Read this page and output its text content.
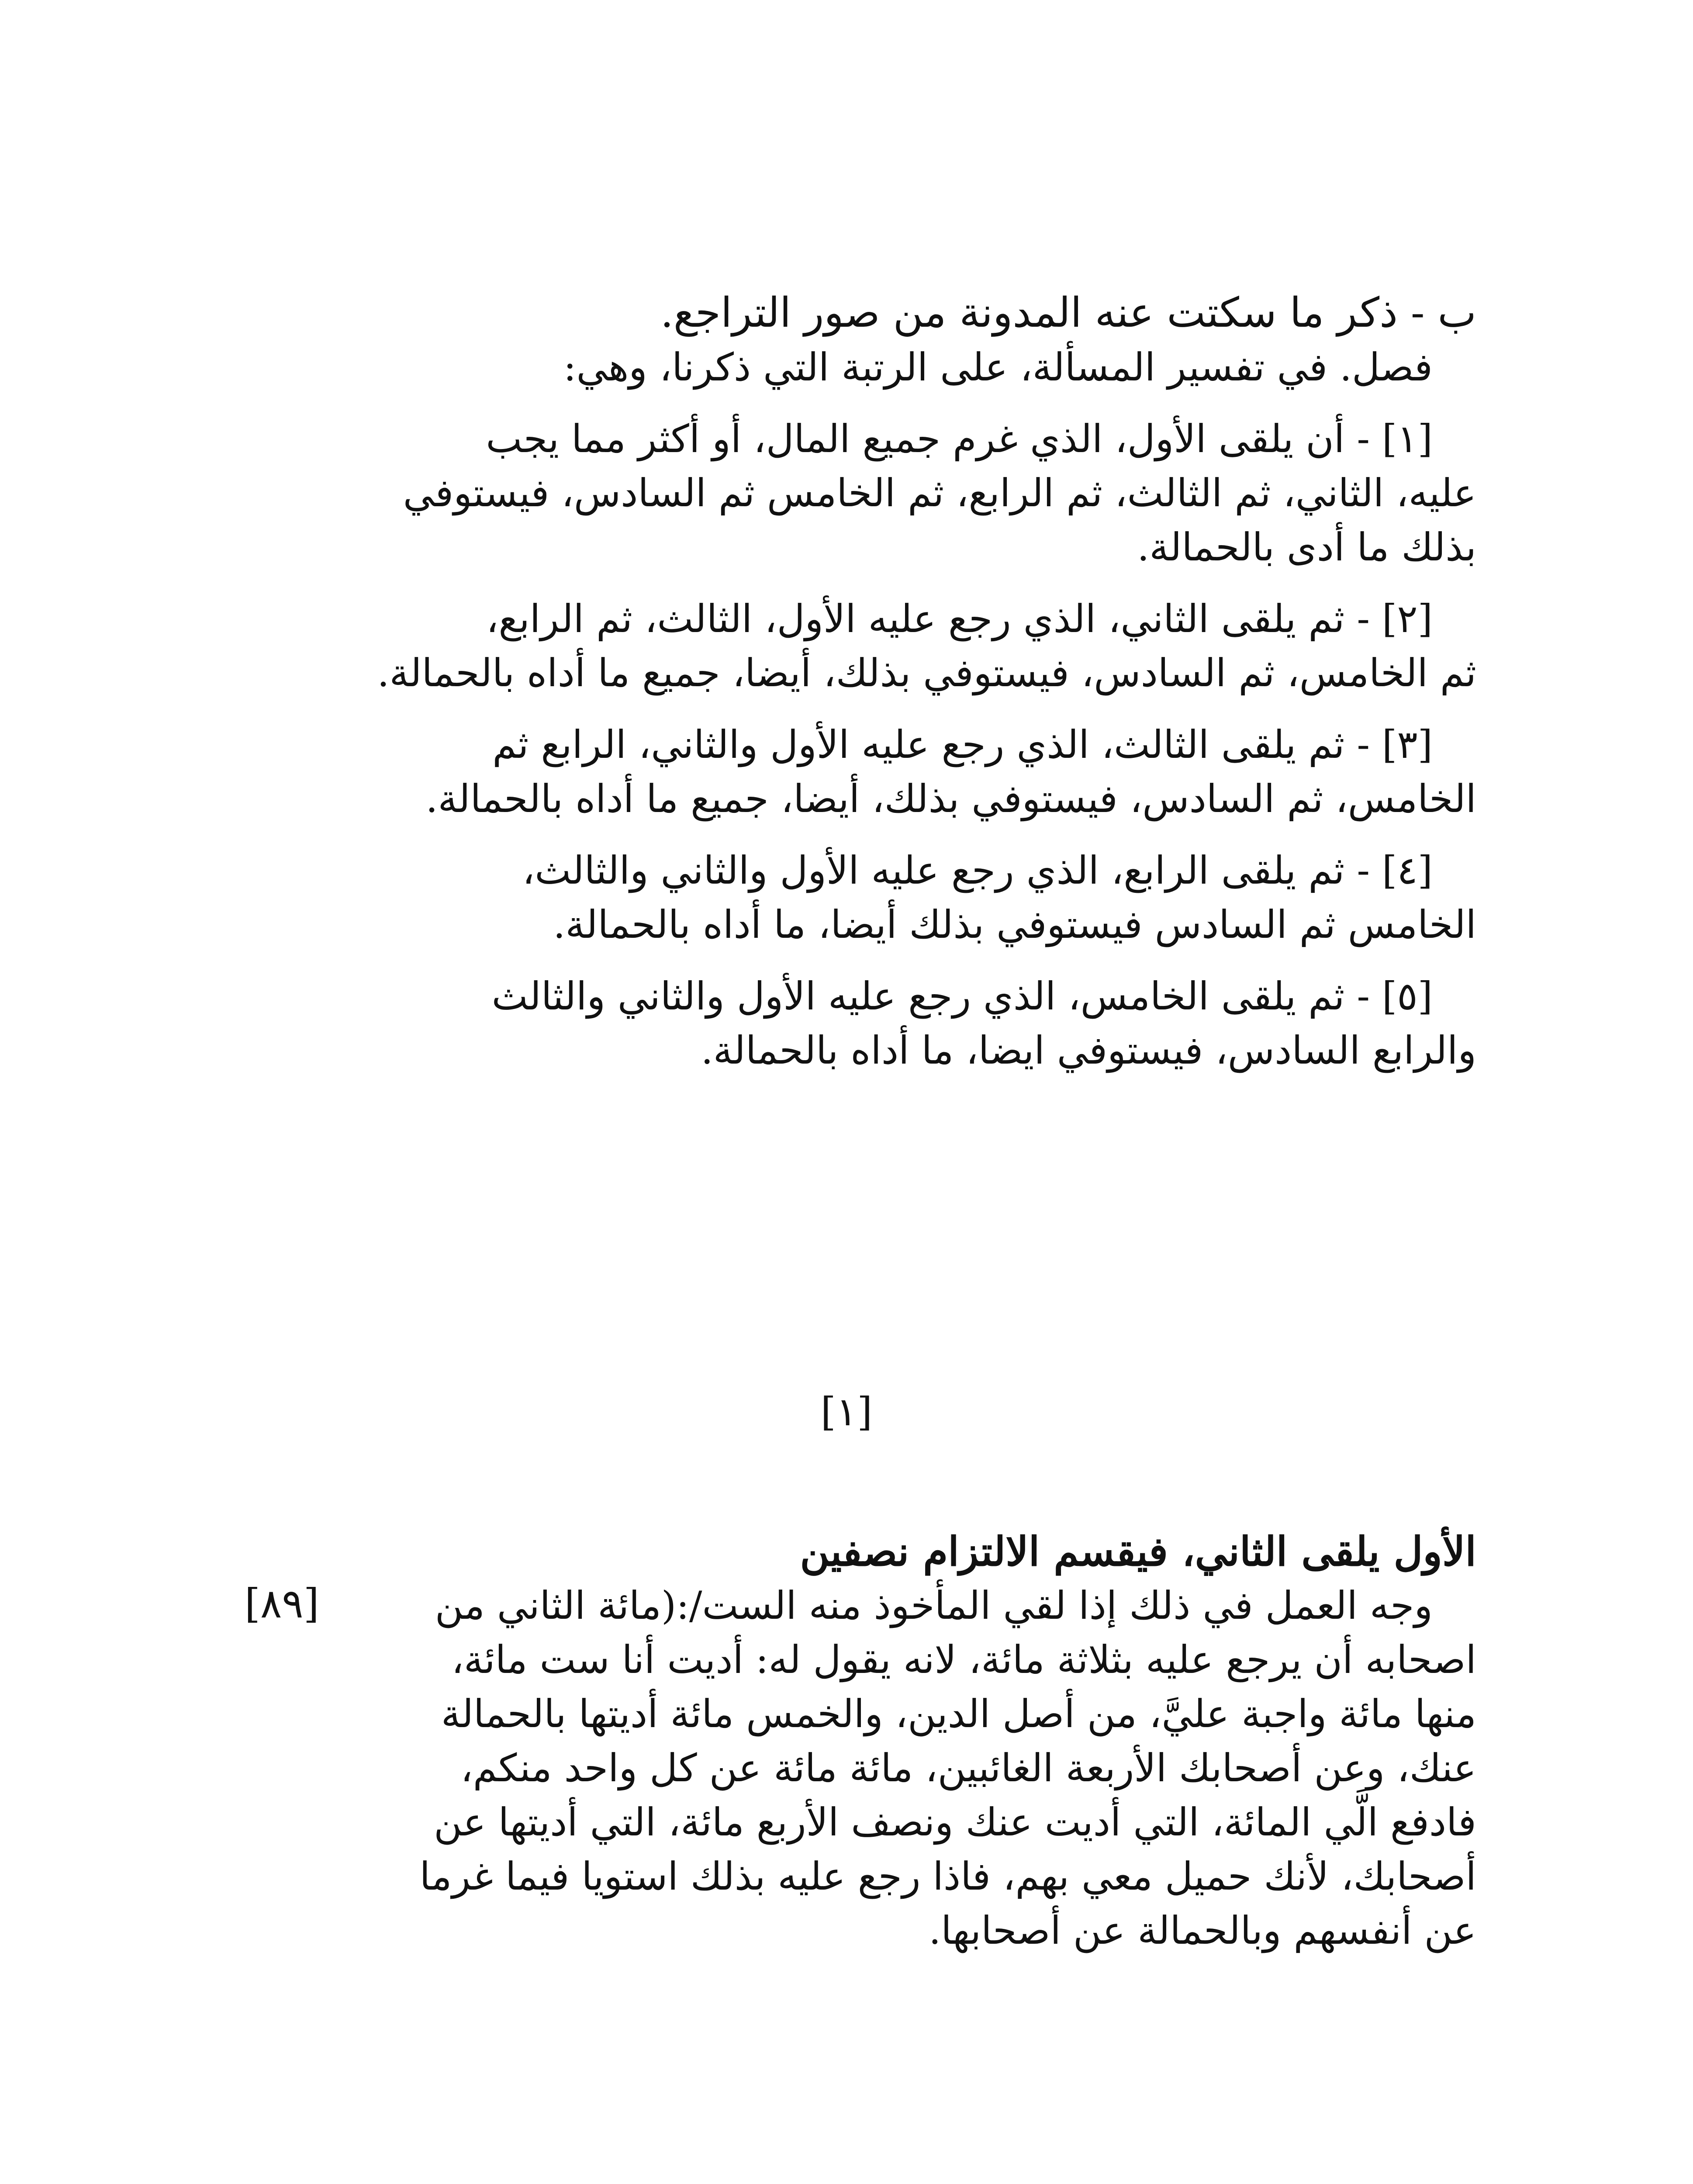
ب - ذكر ما سكتت عنه المدونة من صور التراجع.
فصل. في تفسير المسألة، على الرتبة التي ذكرنا، وهي:
[١] - أن يلقى الأول، الذي غرم جميع المال، أو أكثر مما يجب
عليه، الثاني، ثم الثالث، ثم الرابع، ثم الخامس ثم السادس، فيستوفي
بذلك ما أدى بالحمالة.
[٢] - ثم يلقى الثاني، الذي رجع عليه الأول، الثالث، ثم الرابع،
ثم الخامس، ثم السادس، فيستوفي بذلك، أيضا، جميع ما أداه بالحمالة.
[٣] - ثم يلقى الثالث، الذي رجع عليه الأول والثاني، الرابع ثم
الخامس، ثم السادس، فيستوفي بذلك، أيضا، جميع ما أداه بالحمالة.
[٤] - ثم يلقى الرابع، الذي رجع عليه الأول والثاني والثالث،
الخامس ثم السادس فيستوفي بذلك أيضا، ما أداه بالحمالة.
[٥] - ثم يلقى الخامس، الذي رجع عليه الأول والثاني والثالث
والرابع السادس، فيستوفي ايضا، ما أداه بالحمالة.
[١]
الأول يلقى الثاني، فيقسم الالتزام نصفين
وجه العمل في ذلك إذا لقي المأخوذ منه الست/:(مائة الثاني من
اصحابه أن يرجع عليه بثلاثة مائة، لانه يقول له: أديت أنا ست مائة،
منها مائة واجبة عليَّ، من أصل الدين، والخمس مائة أديتها بالحمالة
عنك، وعن أصحابك الأربعة الغائبين، مائة مائة عن كل واحد منكم،
فادفع الَّي المائة، التي أديت عنك ونصف الأربع مائة، التي أديتها عن
أصحابك، لأنك حميل معي بهم، فاذا رجع عليه بذلك استويا فيما غرما
عن أنفسهم وبالحمالة عن أصحابها.
[٨٩]
